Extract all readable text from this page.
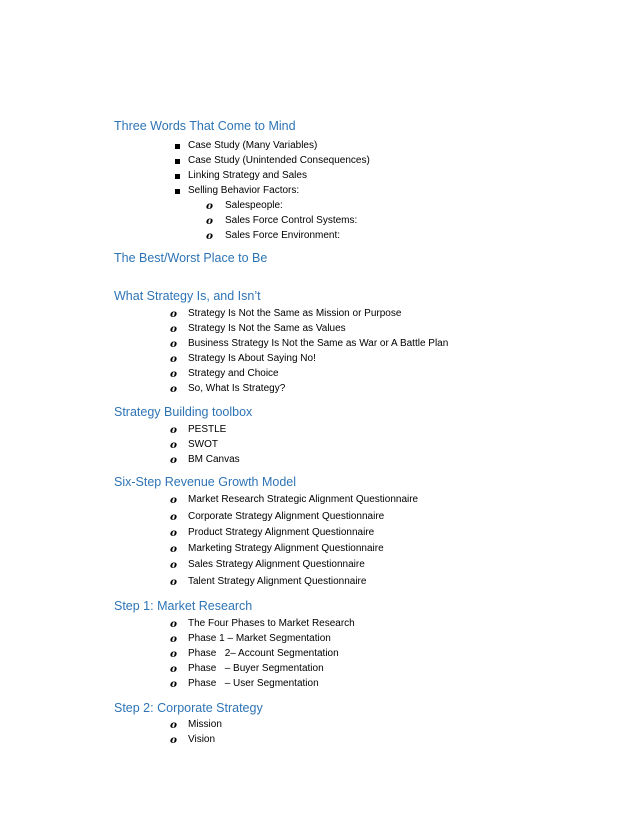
Three Words That Come to Mind
Case Study (Many Variables)
Case Study (Unintended Consequences)
Linking Strategy and Sales
Selling Behavior Factors:
o Salespeople:
o Sales Force Control Systems:
o Sales Force Environment:
The Best/Worst Place to Be
What Strategy Is, and Isn’t
o Strategy Is Not the Same as Mission or Purpose
o Strategy Is Not the Same as Values
o Business Strategy Is Not the Same as War or A Battle Plan
o Strategy Is About Saying No!
o Strategy and Choice
o So, What Is Strategy?
Strategy Building toolbox
o PESTLE
o SWOT
o BM Canvas
Six-Step Revenue Growth Model
o Market Research Strategic Alignment Questionnaire
o Corporate Strategy Alignment Questionnaire
o Product Strategy Alignment Questionnaire
o Marketing Strategy Alignment Questionnaire
o Sales Strategy Alignment Questionnaire
o Talent Strategy Alignment Questionnaire
Step 1: Market Research
o The Four Phases to Market Research
o Phase 1 – Market Segmentation
o Phase   2– Account Segmentation
o Phase   – Buyer Segmentation
o Phase   – User Segmentation
Step 2: Corporate Strategy
o Mission
o Vision
